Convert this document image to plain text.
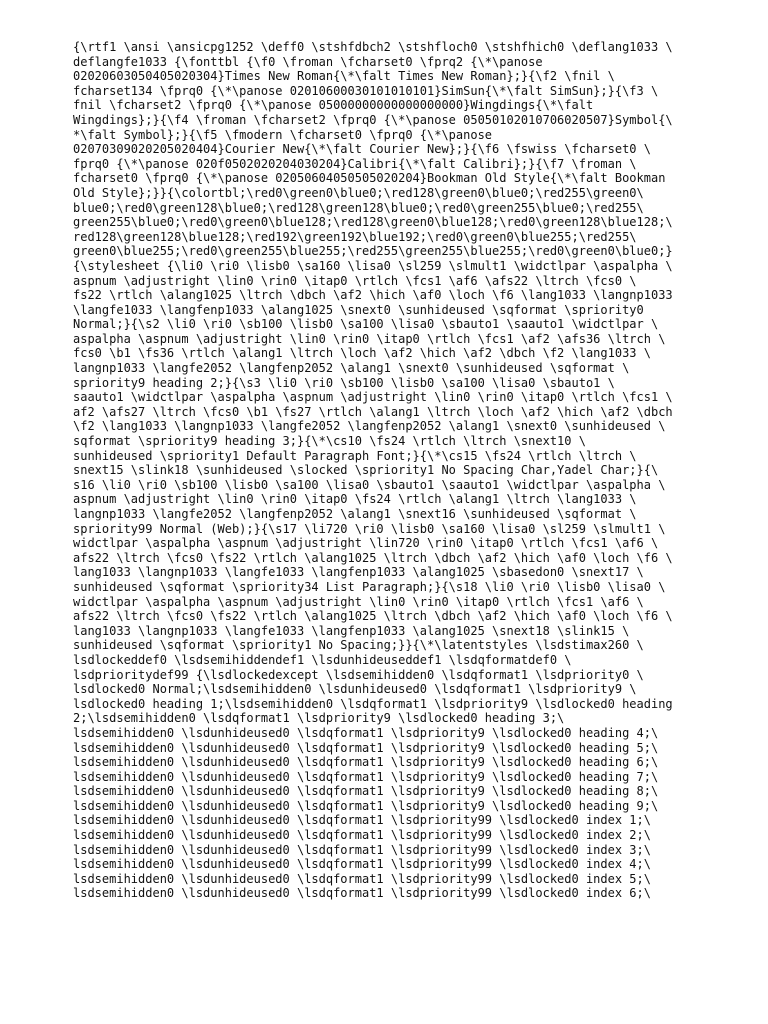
{\rtf1 \ansi \ansicpg1252 \deff0 \stshfdbch2 \stshfloch0 \stshfhich0 \deflang1033 \
deflangfe1033 {\fonttbl {\f0 \froman \fcharset0 \fprq2 {\*\panose
02020603050405020304}Times New Roman{\*\falt Times New Roman};}{\f2 \fnil \
fcharset134 \fprq0 {\*\panose 02010600030101010101}SimSun{\*\falt SimSun};}{\f3 \
fnil \fcharset2 \fprq0 {\*\panose 05000000000000000000}Wingdings{\*\falt
Wingdings};}{\f4 \froman \fcharset2 \fprq0 {\*\panose 05050102010706020507}Symbol{\
*\falt Symbol};}{\f5 \fmodern \fcharset0 \fprq0 {\*\panose
02070309020205020404}Courier New{\*\falt Courier New};}{\f6 \fswiss \fcharset0 \
fprq0 {\*\panose 020f0502020204030204}Calibri{\*\falt Calibri};}{\f7 \froman \
fcharset0 \fprq0 {\*\panose 02050604050505020204}Bookman Old Style{\*\falt Bookman
Old Style};}}{\colortbl;\red0\green0\blue0;\red128\green0\blue0;\red255\green0\
blue0;\red0\green128\blue0;\red128\green128\blue0;\red0\green255\blue0;\red255\
green255\blue0;\red0\green0\blue128;\red128\green0\blue128;\red0\green128\blue128;\
red128\green128\blue128;\red192\green192\blue192;\red0\green0\blue255;\red255\
green0\blue255;\red0\green255\blue255;\red255\green255\blue255;\red0\green0\blue0;}
{\stylesheet {\li0 \ri0 \lisb0 \sa160 \lisa0 \sl259 \slmult1 \widctlpar \aspalpha \
aspnum \adjustright \lin0 \rin0 \itap0 \rtlch \fcs1 \af6 \afs22 \ltrch \fcs0 \
fs22 \rtlch \alang1025 \ltrch \dbch \af2 \hich \af0 \loch \f6 \lang1033 \langnp1033
\langfe1033 \langfenp1033 \alang1025 \snext0 \sunhideused \sqformat \spriority0
Normal;}{\s2 \li0 \ri0 \sb100 \lisb0 \sa100 \lisa0 \sbauto1 \saauto1 \widctlpar \
aspalpha \aspnum \adjustright \lin0 \rin0 \itap0 \rtlch \fcs1 \af2 \afs36 \ltrch \
fcs0 \b1 \fs36 \rtlch \alang1 \ltrch \loch \af2 \hich \af2 \dbch \f2 \lang1033 \
langnp1033 \langfe2052 \langfenp2052 \alang1 \snext0 \sunhideused \sqformat \
spriority9 heading 2;}{\s3 \li0 \ri0 \sb100 \lisb0 \sa100 \lisa0 \sbauto1 \
saauto1 \widctlpar \aspalpha \aspnum \adjustright \lin0 \rin0 \itap0 \rtlch \fcs1 \
af2 \afs27 \ltrch \fcs0 \b1 \fs27 \rtlch \alang1 \ltrch \loch \af2 \hich \af2 \dbch
\f2 \lang1033 \langnp1033 \langfe2052 \langfenp2052 \alang1 \snext0 \sunhideused \
sqformat \spriority9 heading 3;}{\*\cs10 \fs24 \rtlch \ltrch \snext10 \
sunhideused \spriority1 Default Paragraph Font;}{\*\cs15 \fs24 \rtlch \ltrch \
snext15 \slink18 \sunhideused \slocked \spriority1 No Spacing Char,Yadel Char;}{\
s16 \li0 \ri0 \sb100 \lisb0 \sa100 \lisa0 \sbauto1 \saauto1 \widctlpar \aspalpha \
aspnum \adjustright \lin0 \rin0 \itap0 \fs24 \rtlch \alang1 \ltrch \lang1033 \
langnp1033 \langfe2052 \langfenp2052 \alang1 \snext16 \sunhideused \sqformat \
spriority99 Normal (Web);}{\s17 \li720 \ri0 \lisb0 \sa160 \lisa0 \sl259 \slmult1 \
widctlpar \aspalpha \aspnum \adjustright \lin720 \rin0 \itap0 \rtlch \fcs1 \af6 \
afs22 \ltrch \fcs0 \fs22 \rtlch \alang1025 \ltrch \dbch \af2 \hich \af0 \loch \f6 \
lang1033 \langnp1033 \langfe1033 \langfenp1033 \alang1025 \sbasedon0 \snext17 \
sunhideused \sqformat \spriority34 List Paragraph;}{\s18 \li0 \ri0 \lisb0 \lisa0 \
widctlpar \aspalpha \aspnum \adjustright \lin0 \rin0 \itap0 \rtlch \fcs1 \af6 \
afs22 \ltrch \fcs0 \fs22 \rtlch \alang1025 \ltrch \dbch \af2 \hich \af0 \loch \f6 \
lang1033 \langnp1033 \langfe1033 \langfenp1033 \alang1025 \snext18 \slink15 \
sunhideused \sqformat \spriority1 No Spacing;}}{\*\latentstyles \lsdstimax260 \
lsdlockeddef0 \lsdsemihiddendef1 \lsdunhideuseddef1 \lsdqformatdef0 \
lsdprioritydef99 {\lsdlockedexcept \lsdsemihidden0 \lsdqformat1 \lsdpriority0 \
lsdlocked0 Normal;\lsdsemihidden0 \lsdunhideused0 \lsdqformat1 \lsdpriority9 \
lsdlocked0 heading 1;\lsdsemihidden0 \lsdqformat1 \lsdpriority9 \lsdlocked0 heading
2;\lsdsemihidden0 \lsdqformat1 \lsdpriority9 \lsdlocked0 heading 3;\
lsdsemihidden0 \lsdunhideused0 \lsdqformat1 \lsdpriority9 \lsdlocked0 heading 4;\
lsdsemihidden0 \lsdunhideused0 \lsdqformat1 \lsdpriority9 \lsdlocked0 heading 5;\
lsdsemihidden0 \lsdunhideused0 \lsdqformat1 \lsdpriority9 \lsdlocked0 heading 6;\
lsdsemihidden0 \lsdunhideused0 \lsdqformat1 \lsdpriority9 \lsdlocked0 heading 7;\
lsdsemihidden0 \lsdunhideused0 \lsdqformat1 \lsdpriority9 \lsdlocked0 heading 8;\
lsdsemihidden0 \lsdunhideused0 \lsdqformat1 \lsdpriority9 \lsdlocked0 heading 9;\
lsdsemihidden0 \lsdunhideused0 \lsdqformat1 \lsdpriority99 \lsdlocked0 index 1;\
lsdsemihidden0 \lsdunhideused0 \lsdqformat1 \lsdpriority99 \lsdlocked0 index 2;\
lsdsemihidden0 \lsdunhideused0 \lsdqformat1 \lsdpriority99 \lsdlocked0 index 3;\
lsdsemihidden0 \lsdunhideused0 \lsdqformat1 \lsdpriority99 \lsdlocked0 index 4;\
lsdsemihidden0 \lsdunhideused0 \lsdqformat1 \lsdpriority99 \lsdlocked0 index 5;\
lsdsemihidden0 \lsdunhideused0 \lsdqformat1 \lsdpriority99 \lsdlocked0 index 6;\
